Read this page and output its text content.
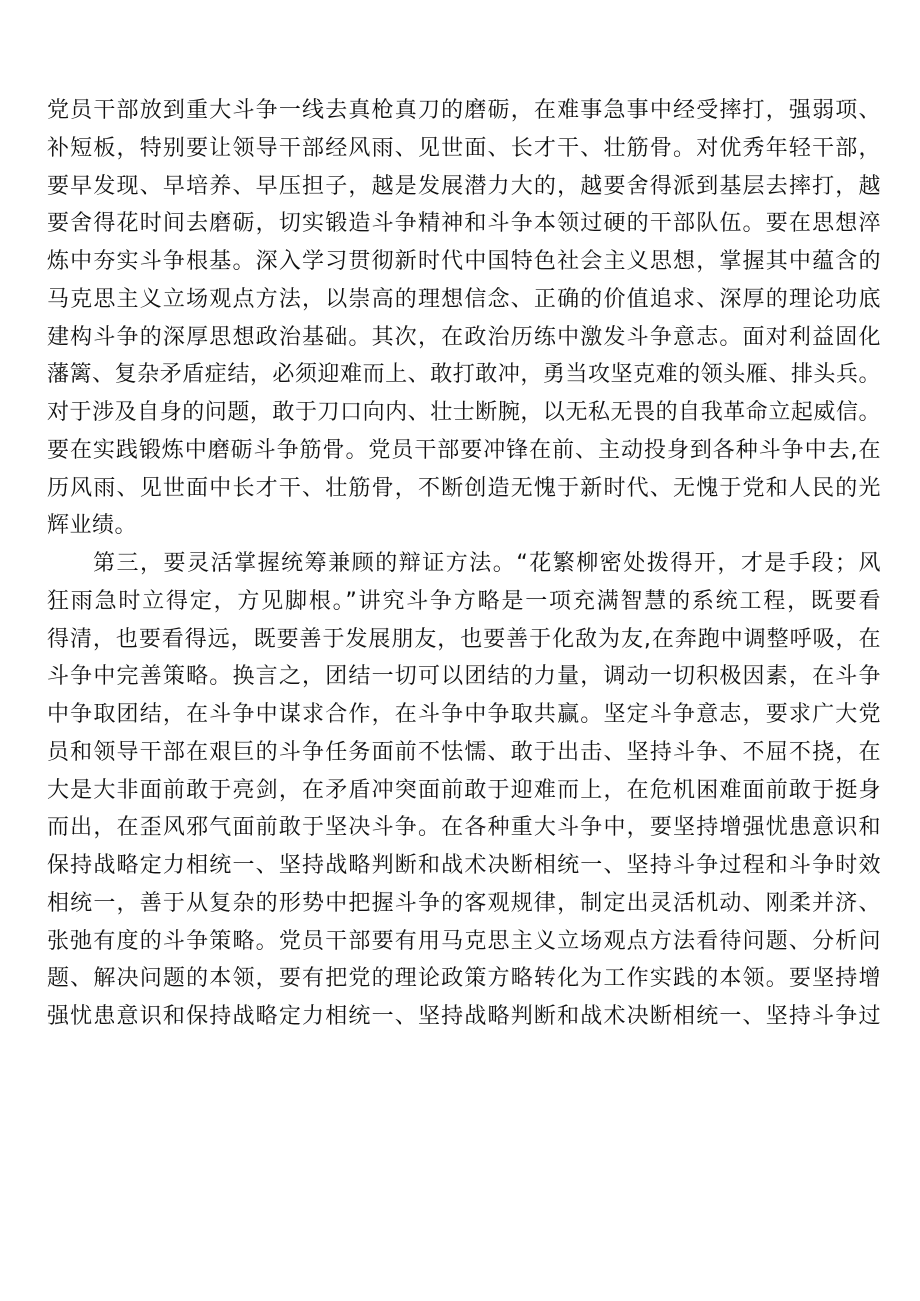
党员干部放到重大斗争一线去真枪真刀的磨砺，在难事急事中经受摔打，强弱项、
补短板，特别要让领导干部经风雨、见世面、长才干、壮筋骨。对优秀年轻干部，
要早发现、早培养、早压担子，越是发展潜力大的，越要舍得派到基层去摔打，越
要舍得花时间去磨砺，切实锻造斗争精神和斗争本领过硬的干部队伍。要在思想淬
炼中夯实斗争根基。深入学习贯彻新时代中国特色社会主义思想，掌握其中蕴含的
马克思主义立场观点方法，以崇高的理想信念、正确的价值追求、深厚的理论功底
建构斗争的深厚思想政治基础。其次，在政治历练中激发斗争意志。面对利益固化
藩篱、复杂矛盾症结，必须迎难而上、敢打敢冲，勇当攻坚克难的领头雁、排头兵。
对于涉及自身的问题，敢于刀口向内、壮士断腕，以无私无畏的自我革命立起威信。
要在实践锻炼中磨砺斗争筋骨。党员干部要冲锋在前、主动投身到各种斗争中去,在
历风雨、见世面中长才干、壮筋骨，不断创造无愧于新时代、无愧于党和人民的光
辉业绩。
第三，要灵活掌握统筹兼顾的辩证方法。“花繁柳密处拨得开，才是手段；风
狂雨急时立得定，方见脚根。”讲究斗争方略是一项充满智慧的系统工程，既要看
得清，也要看得远，既要善于发展朋友，也要善于化敌为友,在奔跑中调整呼吸，在
斗争中完善策略。换言之，团结一切可以团结的力量，调动一切积极因素，在斗争
中争取团结，在斗争中谋求合作，在斗争中争取共赢。坚定斗争意志，要求广大党
员和领导干部在艰巨的斗争任务面前不怯懦、敢于出击、坚持斗争、不屈不挠，在
大是大非面前敢于亮剑，在矛盾冲突面前敢于迎难而上，在危机困难面前敢于挺身
而出，在歪风邪气面前敢于坚决斗争。在各种重大斗争中，要坚持增强忧患意识和
保持战略定力相统一、坚持战略判断和战术决断相统一、坚持斗争过程和斗争时效
相统一，善于从复杂的形势中把握斗争的客观规律，制定出灵活机动、刚柔并济、
张弛有度的斗争策略。党员干部要有用马克思主义立场观点方法看待问题、分析问
题、解决问题的本领，要有把党的理论政策方略转化为工作实践的本领。要坚持增
强忧患意识和保持战略定力相统一、坚持战略判断和战术决断相统一、坚持斗争过
